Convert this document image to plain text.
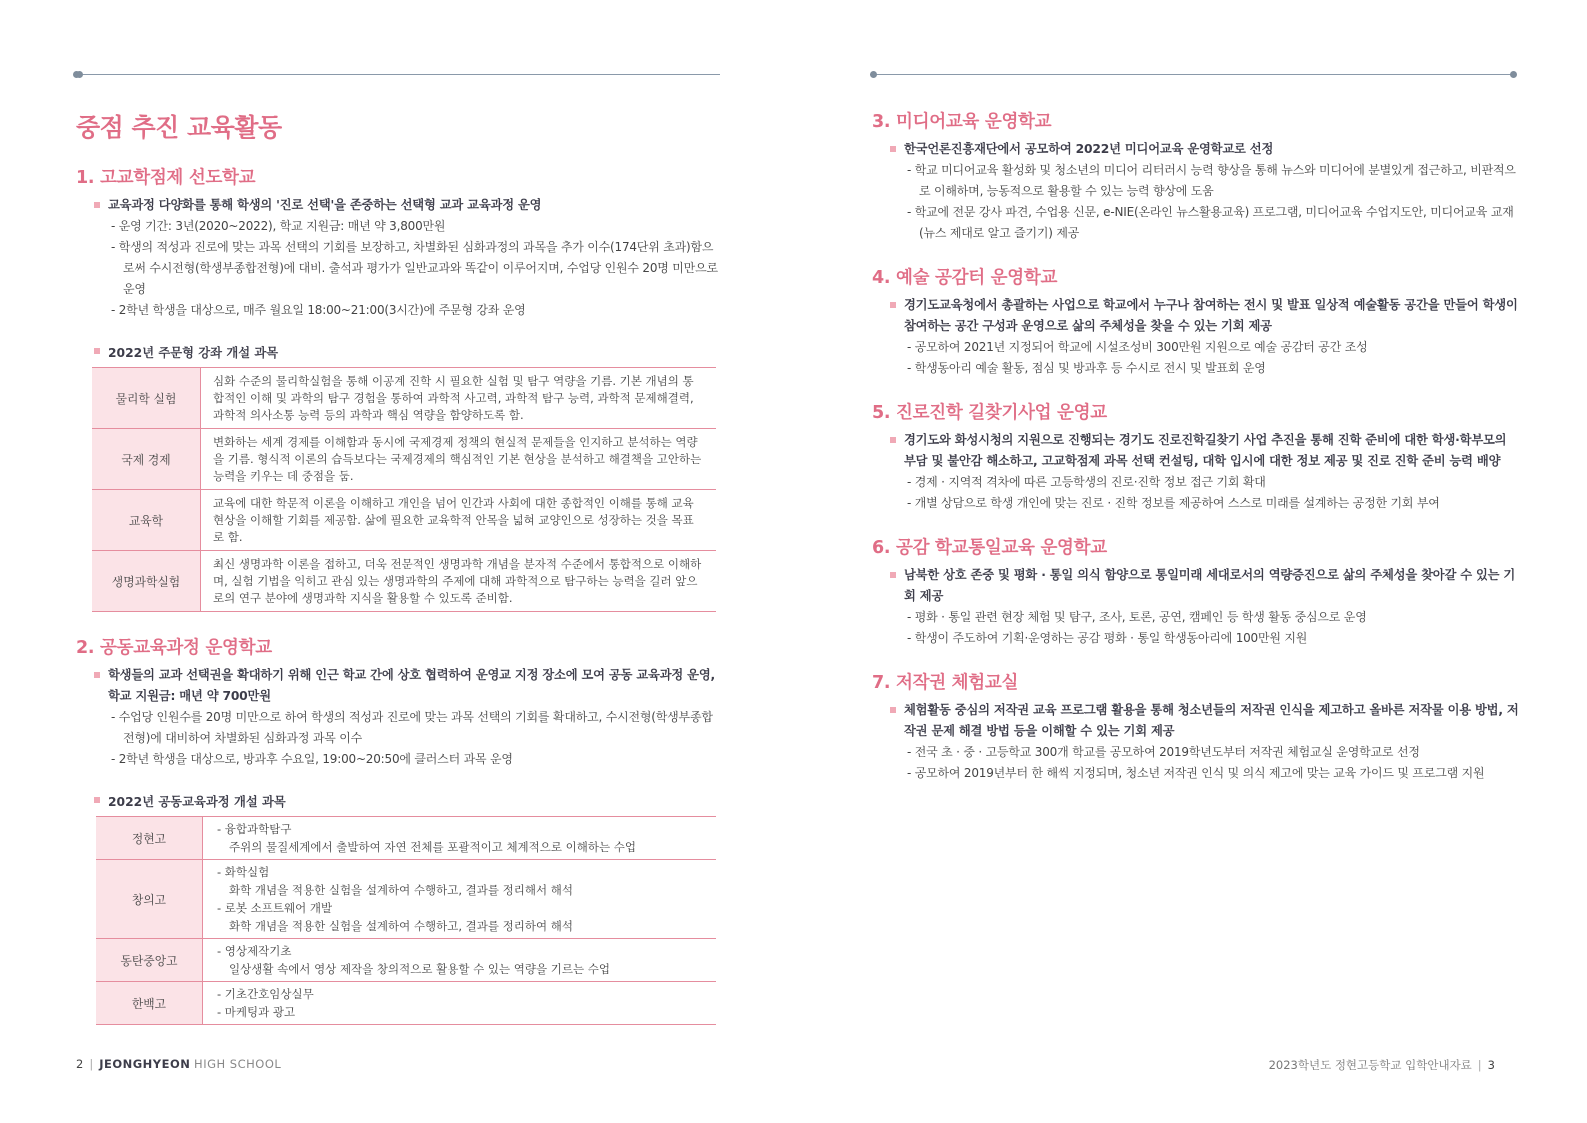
중점 추진 교육활동
1. 고교학점제 선도학교
교육과정 다양화를 통해 학생의 '진로 선택'을 존중하는 선택형 교과 교육과정 운영
- 운영 기간: 3년(2020~2022), 학교 지원금: 매년 약 3,800만원
- 학생의 적성과 진로에 맞는 과목 선택의 기회를 보장하고, 차별화된 심화과정의 과목을 추가 이수(174단위 초과)함으로써 수시전형(학생부종합전형)에 대비. 출석과 평가가 일반교과와 똑같이 이루어지며, 수업당 인원수 20명 미만으로 운영
- 2학년 학생을 대상으로, 매주 월요일 18:00~21:00(3시간)에 주문형 강좌 운영
2022년 주문형 강좌 개설 과목
물리학 실험	심화 수준의 물리학실험을 통해 이공계 진학 시 필요한 실험 및 탐구 역량을 기름. 기본 개념의 통합적인 이해 및 과학의 탐구 경험을 통하여 과학적 사고력, 과학적 탐구 능력, 과학적 문제해결력, 과학적 의사소통 능력 등의 과학과 핵심 역량을 함양하도록 함.
국제 경제	변화하는 세계 경제를 이해함과 동시에 국제경제 정책의 현실적 문제들을 인지하고 분석하는 역량을 기름. 형식적 이론의 습득보다는 국제경제의 핵심적인 기본 현상을 분석하고 해결책을 고안하는 능력을 키우는 데 중점을 둠.
교육학	교육에 대한 학문적 이론을 이해하고 개인을 넘어 인간과 사회에 대한 종합적인 이해를 통해 교육 현상을 이해할 기회를 제공함. 삶에 필요한 교육학적 안목을 넓혀 교양인으로 성장하는 것을 목표로 함.
생명과학실험	최신 생명과학 이론을 접하고, 더욱 전문적인 생명과학 개념을 분자적 수준에서 통합적으로 이해하며, 실험 기법을 익히고 관심 있는 생명과학의 주제에 대해 과학적으로 탐구하는 능력을 길러 앞으로의 연구 분야에 생명과학 지식을 활용할 수 있도록 준비함.
2. 공동교육과정 운영학교
학생들의 교과 선택권을 확대하기 위해 인근 학교 간에 상호 협력하여 운영교 지정 장소에 모여 공동 교육과정 운영, 학교 지원금: 매년 약 700만원
- 수업당 인원수를 20명 미만으로 하여 학생의 적성과 진로에 맞는 과목 선택의 기회를 확대하고, 수시전형(학생부종합전형)에 대비하여 차별화된 심화과정 과목 이수
- 2학년 학생을 대상으로, 방과후 수요일, 19:00~20:50에 클러스터 과목 운영
2022년 공동교육과정 개설 과목
정현고	- 융합과학탐구
주위의 물질세계에서 출발하여 자연 전체를 포괄적이고 체계적으로 이해하는 수업

창의고	- 화학실험
화학 개념을 적용한 실험을 설계하여 수행하고, 결과를 정리해서 해석
- 로봇 소프트웨어 개발
화학 개념을 적용한 실험을 설계하여 수행하고, 결과를 정리하여 해석

동탄중앙고	- 영상제작기초
일상생활 속에서 영상 제작을 창의적으로 활용할 수 있는 역량을 기르는 수업

한백고	- 기초간호임상실무
- 마케팅과 광고
3. 미디어교육 운영학교
한국언론진흥재단에서 공모하여 2022년 미디어교육 운영학교로 선정
- 학교 미디어교육 활성화 및 청소년의 미디어 리터러시 능력 향상을 통해 뉴스와 미디어에 분별있게 접근하고, 비판적으로 이해하며, 능동적으로 활용할 수 있는 능력 향상에 도움
- 학교에 전문 강사 파견, 수업용 신문, e-NIE(온라인 뉴스활용교육) 프로그램, 미디어교육 수업지도안, 미디어교육 교재(뉴스 제대로 알고 즐기기) 제공
4. 예술 공감터 운영학교
경기도교육청에서 총괄하는 사업으로 학교에서 누구나 참여하는 전시 및 발표 일상적 예술활동 공간을 만들어 학생이 참여하는 공간 구성과 운영으로 삶의 주체성을 찾을 수 있는 기회 제공
- 공모하여 2021년 지정되어 학교에 시설조성비 300만원 지원으로 예술 공감터 공간 조성
- 학생동아리 예술 활동, 점심 및 방과후 등 수시로 전시 및 발표회 운영
5. 진로진학 길찾기사업 운영교
경기도와 화성시청의 지원으로 진행되는 경기도 진로진학길찾기 사업 추진을 통해 진학 준비에 대한 학생·학부모의 부담 및 불안감 해소하고, 고교학점제 과목 선택 컨설팅, 대학 입시에 대한 정보 제공 및 진로 진학 준비 능력 배양
- 경제 · 지역적 격차에 따른 고등학생의 진로·진학 정보 접근 기회 확대
- 개별 상담으로 학생 개인에 맞는 진로 · 진학 정보를 제공하여 스스로 미래를 설계하는 공정한 기회 부여
6. 공감 학교통일교육 운영학교
남북한 상호 존중 및 평화 · 통일 의식 함양으로 통일미래 세대로서의 역량증진으로 삶의 주체성을 찾아갈 수 있는 기회 제공
- 평화 · 통일 관련 현장 체험 및 탐구, 조사, 토론, 공연, 캠페인 등 학생 활동 중심으로 운영
- 학생이 주도하여 기획·운영하는 공감 평화 · 통일 학생동아리에 100만원 지원
7. 저작권 체험교실
체험활동 중심의 저작권 교육 프로그램 활용을 통해 청소년들의 저작권 인식을 제고하고 올바른 저작물 이용 방법, 저작권 문제 해결 방법 등을 이해할 수 있는 기회 제공
- 전국 초 · 중 · 고등학교 300개 학교를 공모하여 2019학년도부터 저작권 체험교실 운영학교로 선정
- 공모하여 2019년부터 한 해씩 지정되며, 청소년 저작권 인식 및 의식 제고에 맞는 교육 가이드 및 프로그램 지원
2 | JEONGHYEON HIGH SCHOOL	2023학년도 정현고등학교 입학안내자료 | 3
